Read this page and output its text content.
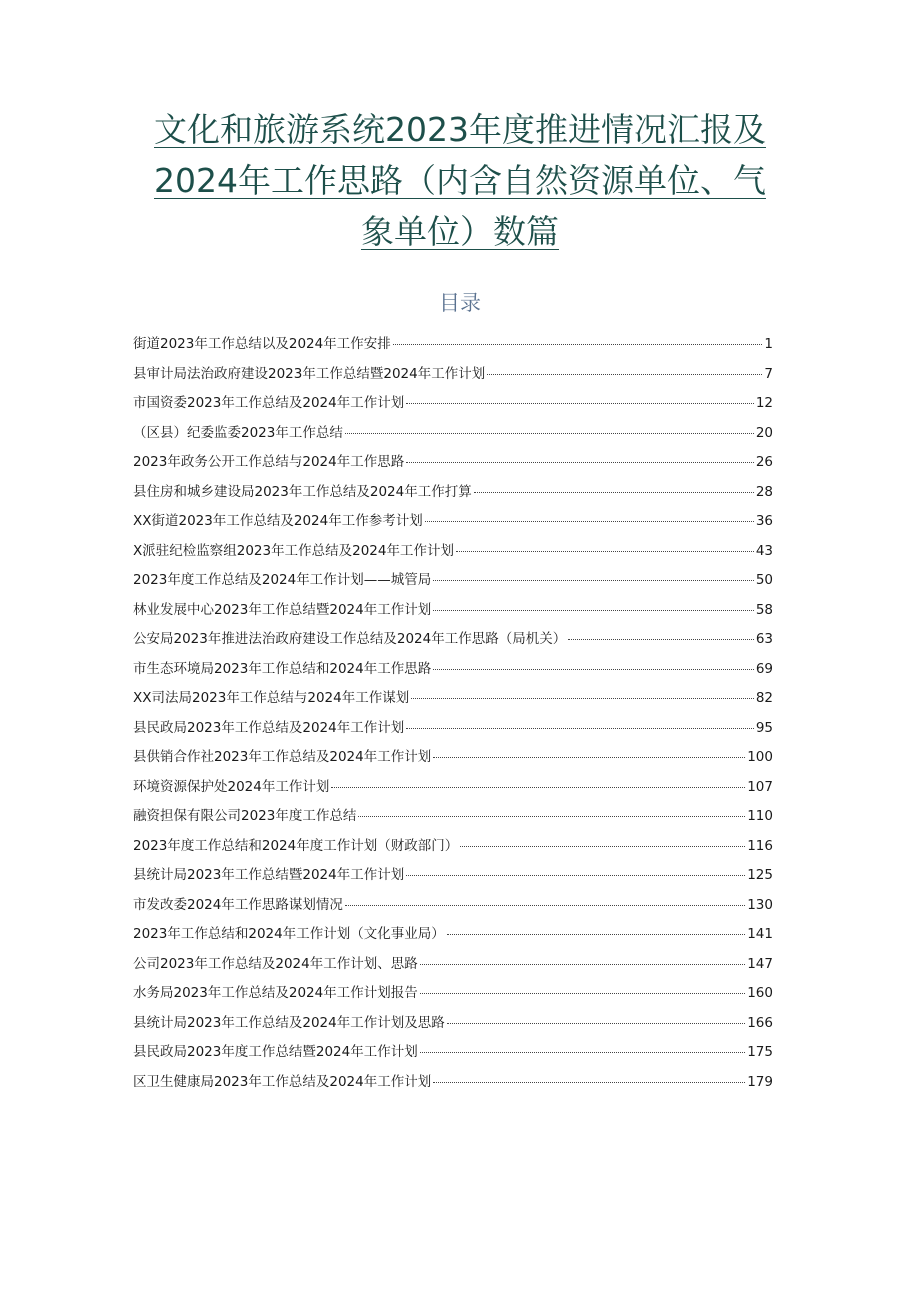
文化和旅游系统2023年度推进情况汇报及
2024年工作思路（内含自然资源单位、气
象单位）数篇
目录
街道2023年工作总结以及2024年工作安排	1
县审计局法治政府建设2023年工作总结暨2024年工作计划	7
市国资委2023年工作总结及2024年工作计划	12
（区县）纪委监委2023年工作总结	20
2023年政务公开工作总结与2024年工作思路	26
县住房和城乡建设局2023年工作总结及2024年工作打算	28
XX街道2023年工作总结及2024年工作参考计划	36
X派驻纪检监察组2023年工作总结及2024年工作计划	43
2023年度工作总结及2024年工作计划——城管局	50
林业发展中心2023年工作总结暨2024年工作计划	58
公安局2023年推进法治政府建设工作总结及2024年工作思路（局机关）	63
市生态环境局2023年工作总结和2024年工作思路	69
XX司法局2023年工作总结与2024年工作谋划	82
县民政局2023年工作总结及2024年工作计划	95
县供销合作社2023年工作总结及2024年工作计划	100
环境资源保护处2024年工作计划	107
融资担保有限公司2023年度工作总结	110
2023年度工作总结和2024年度工作计划（财政部门）	116
县统计局2023年工作总结暨2024年工作计划	125
市发改委2024年工作思路谋划情况	130
2023年工作总结和2024年工作计划（文化事业局）	141
公司2023年工作总结及2024年工作计划、思路	147
水务局2023年工作总结及2024年工作计划报告	160
县统计局2023年工作总结及2024年工作计划及思路	166
县民政局2023年度工作总结暨2024年工作计划	175
区卫生健康局2023年工作总结及2024年工作计划	179
